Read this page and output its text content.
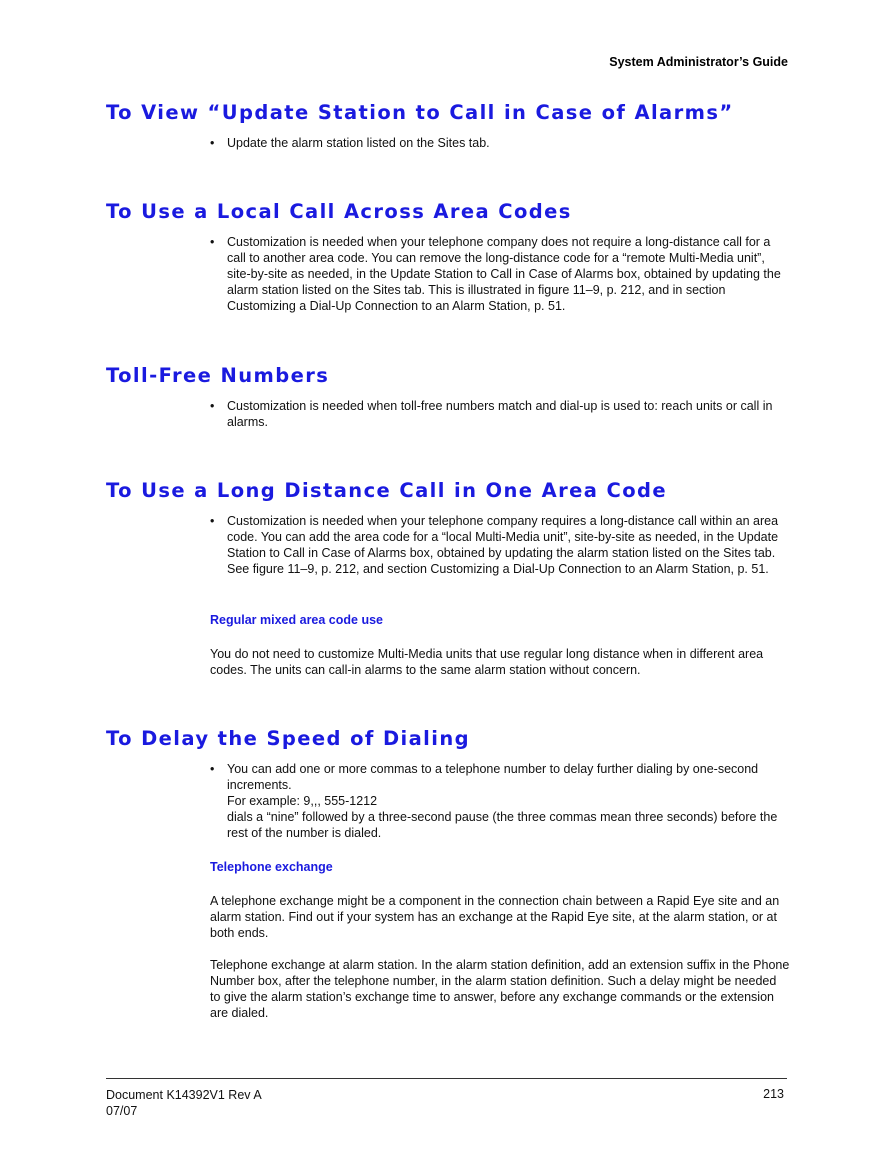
System Administrator’s Guide
To View “Update Station to Call in Case of Alarms”
• Update the alarm station listed on the Sites tab.
To Use a Local Call Across Area Codes
• Customization is needed when your telephone company does not require a long-distance call for a call to another area code. You can remove the long-distance code for a “remote Multi-Media unit”, site-by-site as needed, in the Update Station to Call in Case of Alarms box, obtained by updating the alarm station listed on the Sites tab. This is illustrated in figure 11–9, p. 212, and in section Customizing a Dial-Up Connection to an Alarm Station, p. 51.
Toll-Free Numbers
• Customization is needed when toll-free numbers match and dial-up is used to: reach units or call in alarms.
To Use a Long Distance Call in One Area Code
• Customization is needed when your telephone company requires a long-distance call within an area code. You can add the area code for a “local Multi-Media unit”, site-by-site as needed, in the Update Station to Call in Case of Alarms box, obtained by updating the alarm station listed on the Sites tab. See figure 11–9, p. 212, and section Customizing a Dial-Up Connection to an Alarm Station, p. 51.
Regular mixed area code use
You do not need to customize Multi-Media units that use regular long distance when in different area codes. The units can call-in alarms to the same alarm station without concern.
To Delay the Speed of Dialing
• You can add one or more commas to a telephone number to delay further dialing by one-second increments.
For example: 9,,, 555-1212
dials a “nine” followed by a three-second pause (the three commas mean three seconds) before the rest of the number is dialed.
Telephone exchange
A telephone exchange might be a component in the connection chain between a Rapid Eye site and an alarm station. Find out if your system has an exchange at the Rapid Eye site, at the alarm station, or at both ends.
Telephone exchange at alarm station. In the alarm station definition, add an extension suffix in the Phone Number box, after the telephone number, in the alarm station definition. Such a delay might be needed to give the alarm station’s exchange time to answer, before any exchange commands or the extension are dialed.
Document K14392V1 Rev A
07/07
213
